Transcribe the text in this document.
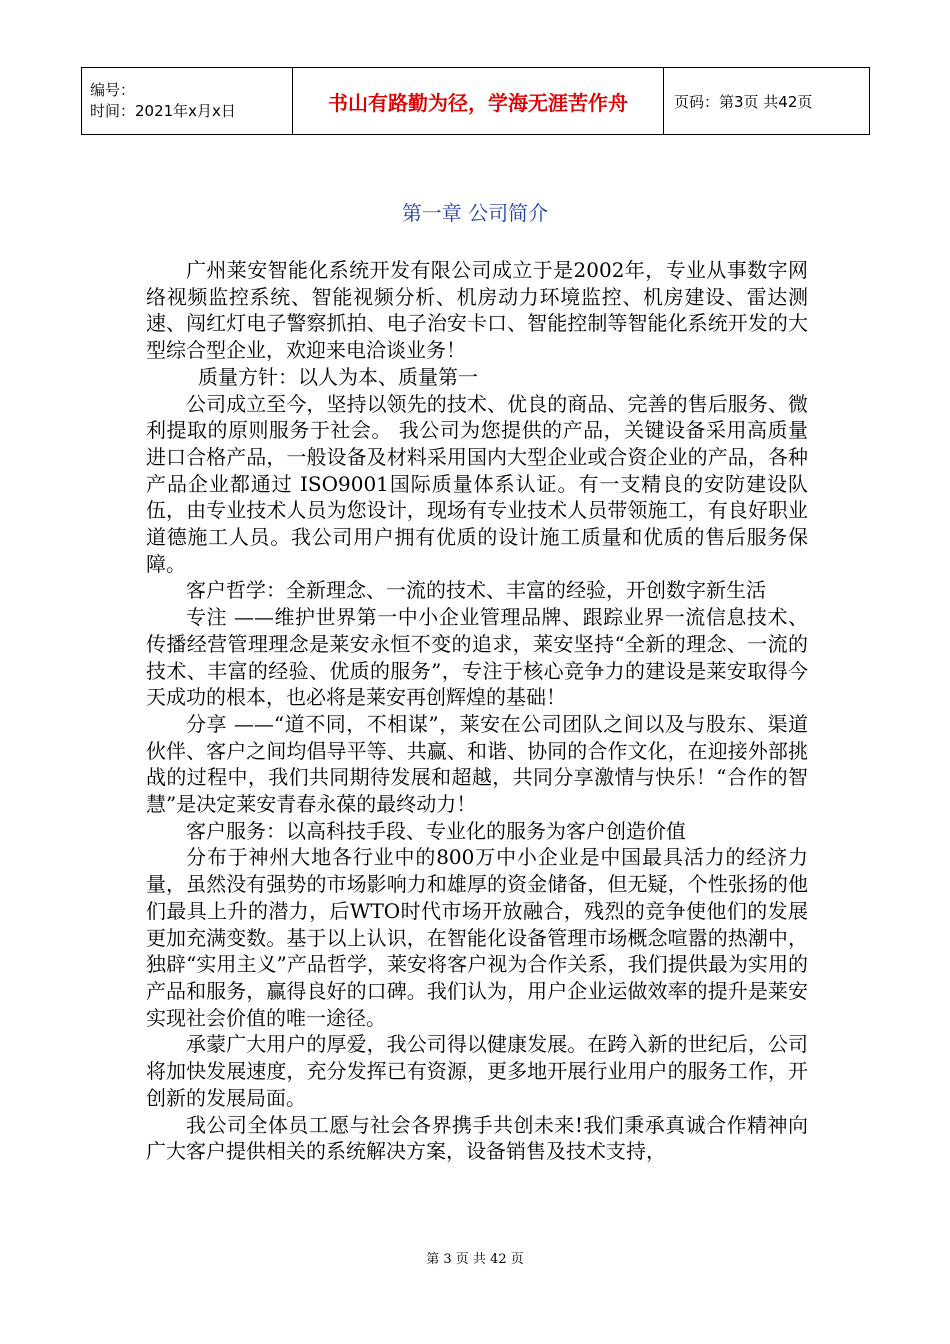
编号：
时间：2021年x月x日	书山有路勤为径，学海无涯苦作舟	页码：第3页 共42页
第一章 公司简介

广州莱安智能化系统开发有限公司成立于是2002年，专业从事数字网络视频监控系统、智能视频分析、机房动力环境监控、机房建设、雷达测速、闯红灯电子警察抓拍、电子治安卡口、智能控制等智能化系统开发的大型综合型企业，欢迎来电洽谈业务！

质量方针：以人为本、质量第一

公司成立至今，坚持以领先的技术、优良的商品、完善的售后服务、微利提取的原则服务于社会。 我公司为您提供的产品，关键设备采用高质量进口合格产品，一般设备及材料采用国内大型企业或合资企业的产品，各种产品企业都通过 ISO9001国际质量体系认证。有一支精良的安防建设队伍，由专业技术人员为您设计，现场有专业技术人员带领施工，有良好职业道德施工人员。我公司用户拥有优质的设计施工质量和优质的售后服务保障。

客户哲学：全新理念、一流的技术、丰富的经验，开创数字新生活

专注 ——维护世界第一中小企业管理品牌、跟踪业界一流信息技术、传播经营管理理念是莱安永恒不变的追求，莱安坚持“全新的理念、一流的技术、丰富的经验、优质的服务”，专注于核心竞争力的建设是莱安取得今天成功的根本，也必将是莱安再创辉煌的基础！

分享 ——“道不同，不相谋”，莱安在公司团队之间以及与股东、渠道伙伴、客户之间均倡导平等、共赢、和谐、协同的合作文化，在迎接外部挑战的过程中，我们共同期待发展和超越，共同分享激情与快乐！“合作的智慧”是决定莱安青春永葆的最终动力！

客户服务：以高科技手段、专业化的服务为客户创造价值

分布于神州大地各行业中的800万中小企业是中国最具活力的经济力量，虽然没有强势的市场影响力和雄厚的资金储备，但无疑，个性张扬的他们最具上升的潜力，后WTO时代市场开放融合，残烈的竞争使他们的发展更加充满变数。基于以上认识，在智能化设备管理市场概念喧嚣的热潮中，独辟“实用主义”产品哲学，莱安将客户视为合作关系，我们提供最为实用的产品和服务，赢得良好的口碑。我们认为，用户企业运做效率的提升是莱安实现社会价值的唯一途径。

承蒙广大用户的厚爱，我公司得以健康发展。在跨入新的世纪后，公司将加快发展速度，充分发挥已有资源，更多地开展行业用户的服务工作，开创新的发展局面。

我公司全体员工愿与社会各界携手共创未来!我们秉承真诚合作精神向广大客户提供相关的系统解决方案，设备销售及技术支持，

第 3 页 共 42 页
